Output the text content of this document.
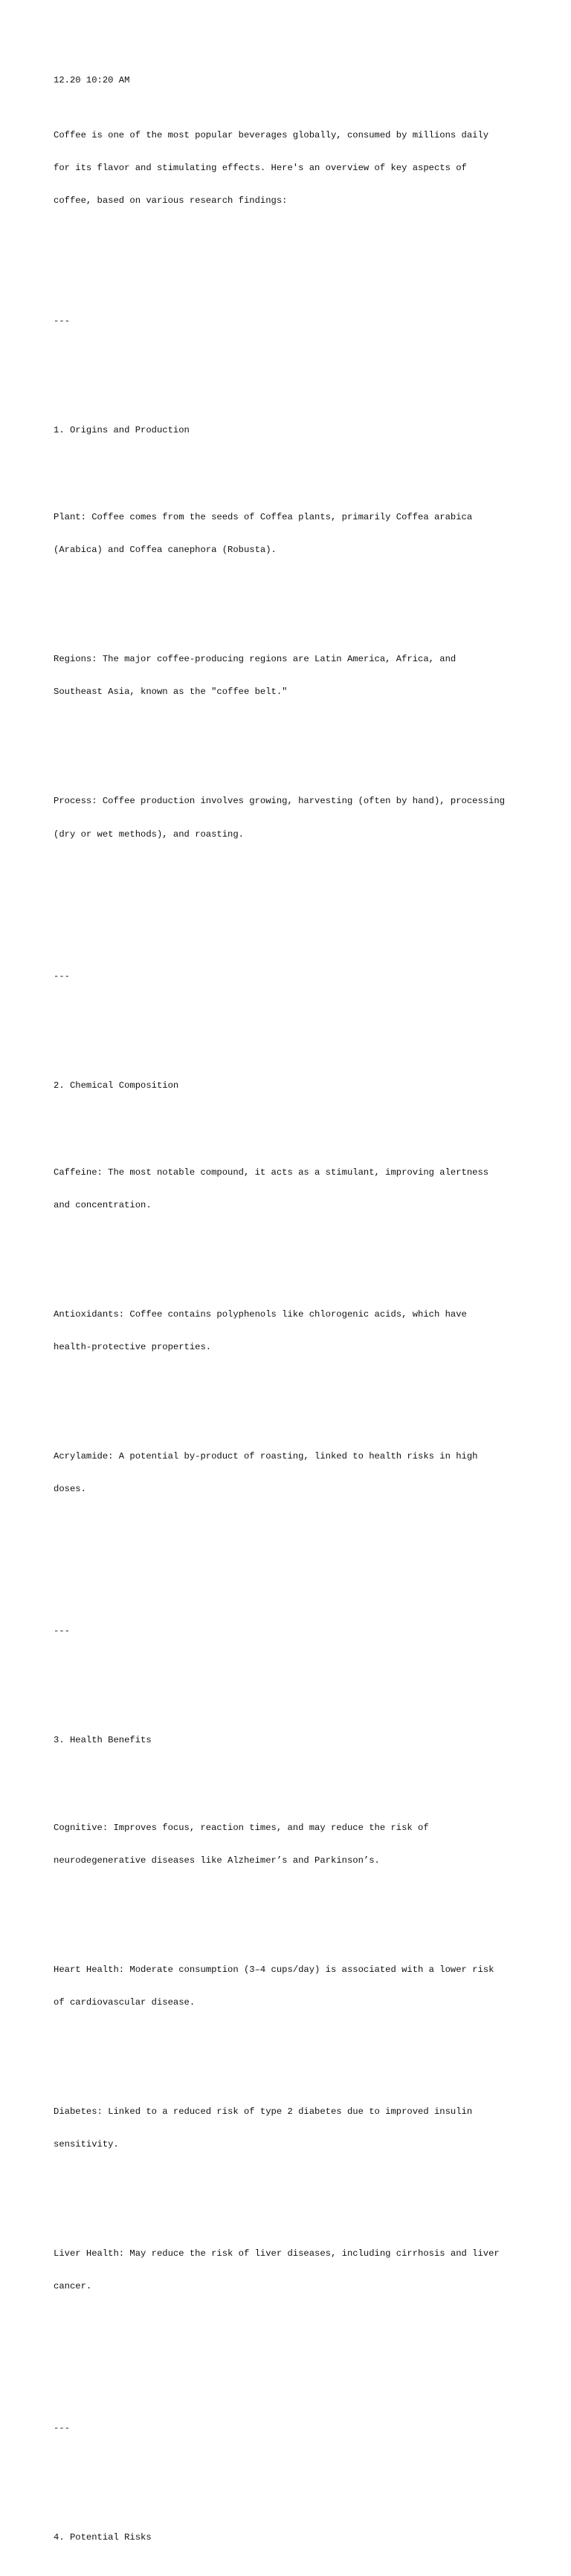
12.20 10:20 AM

Coffee is one of the most popular beverages globally, consumed by millions daily

for its flavor and stimulating effects. Here's an overview of key aspects of

coffee, based on various research findings:

---

1. Origins and Production

Plant: Coffee comes from the seeds of Coffea plants, primarily Coffea arabica

(Arabica) and Coffea canephora (Robusta).

Regions: The major coffee-producing regions are Latin America, Africa, and

Southeast Asia, known as the "coffee belt."

Process: Coffee production involves growing, harvesting (often by hand), processing

(dry or wet methods), and roasting.

---

2. Chemical Composition

Caffeine: The most notable compound, it acts as a stimulant, improving alertness

and concentration.

Antioxidants: Coffee contains polyphenols like chlorogenic acids, which have

health-protective properties.

Acrylamide: A potential by-product of roasting, linked to health risks in high

doses.

---

3. Health Benefits

Cognitive: Improves focus, reaction times, and may reduce the risk of

neurodegenerative diseases like Alzheimer’s and Parkinson’s.

Heart Health: Moderate consumption (3–4 cups/day) is associated with a lower risk

of cardiovascular disease.

Diabetes: Linked to a reduced risk of type 2 diabetes due to improved insulin

sensitivity.

Liver Health: May reduce the risk of liver diseases, including cirrhosis and liver

cancer.

---

4. Potential Risks
